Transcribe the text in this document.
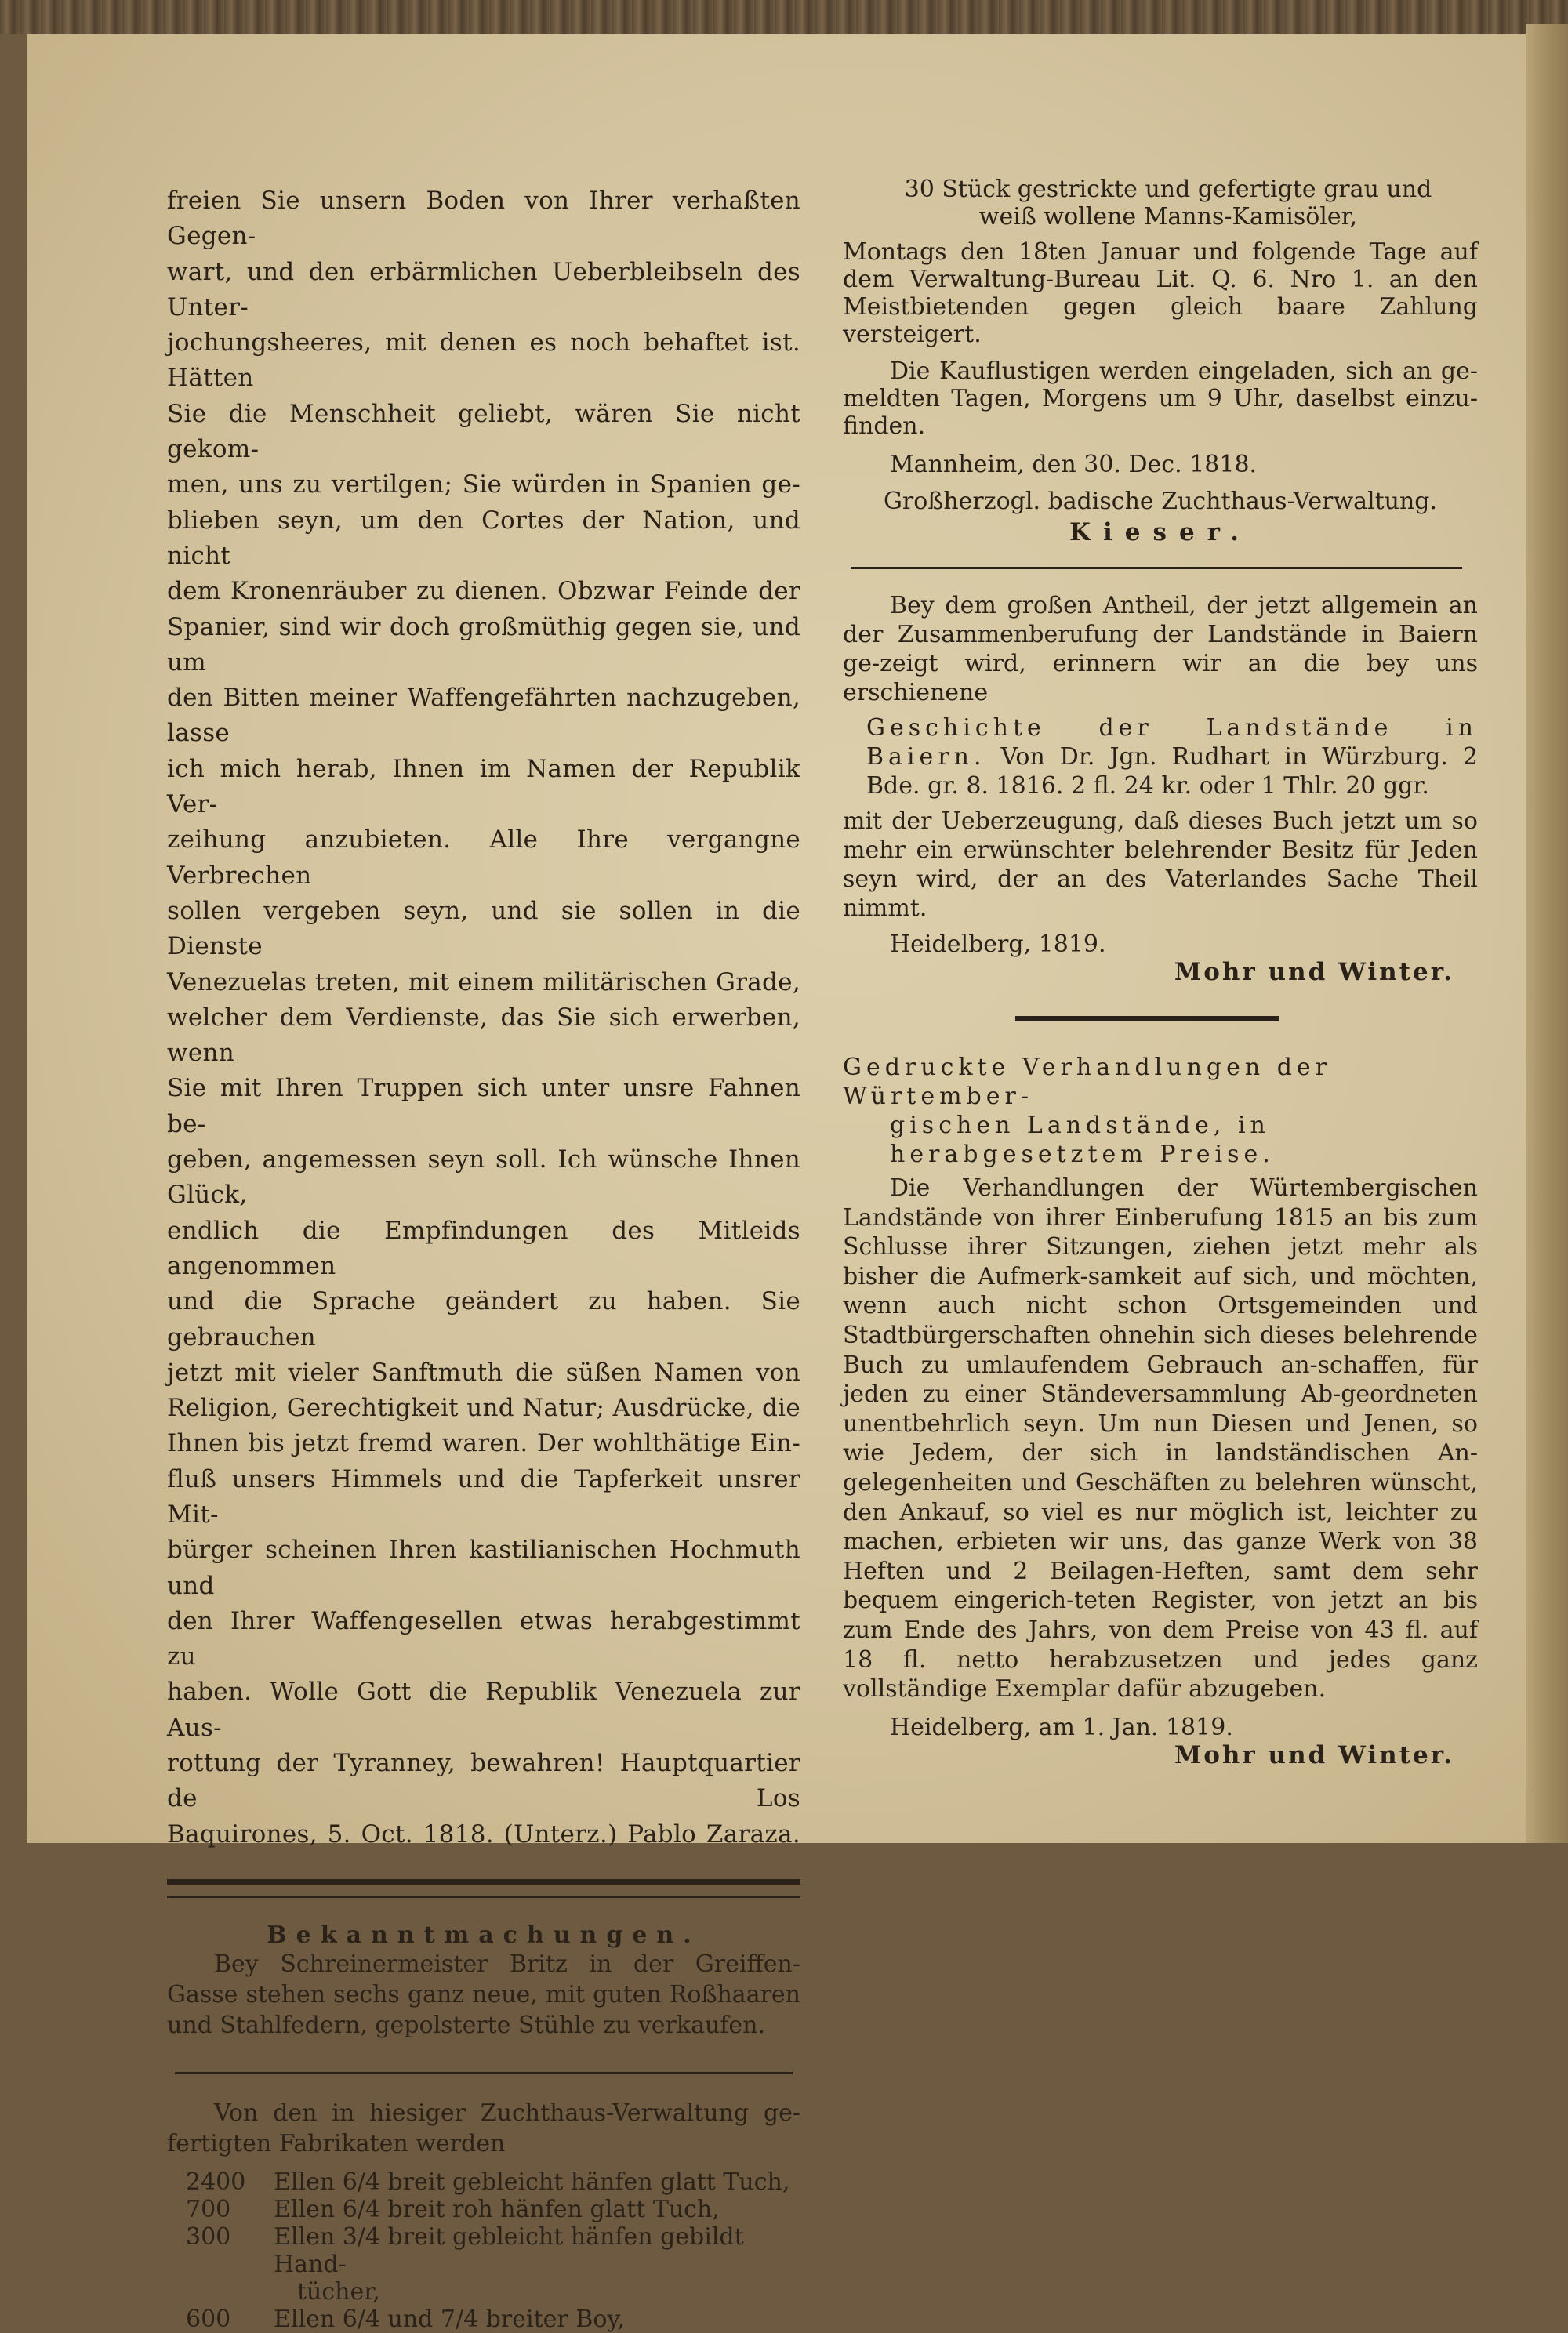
freien Sie unsern Boden von Ihrer verhaßten Gegen-

wart, und den erbärmlichen Ueberbleibseln des Unter-

jochungsheeres, mit denen es noch behaftet ist. Hätten

Sie die Menschheit geliebt, wären Sie nicht gekom-

men, uns zu vertilgen; Sie würden in Spanien ge-

blieben seyn, um den Cortes der Nation, und nicht

dem Kronenräuber zu dienen. Obzwar Feinde der

Spanier, sind wir doch großmüthig gegen sie, und um

den Bitten meiner Waffengefährten nachzugeben, lasse

ich mich herab, Ihnen im Namen der Republik Ver-

zeihung anzubieten. Alle Ihre vergangne Verbrechen

sollen vergeben seyn, und sie sollen in die Dienste

Venezuelas treten, mit einem militärischen Grade,

welcher dem Verdienste, das Sie sich erwerben, wenn

Sie mit Ihren Truppen sich unter unsre Fahnen be-

geben, angemessen seyn soll. Ich wünsche Ihnen Glück,

endlich die Empfindungen des Mitleids angenommen

und die Sprache geändert zu haben. Sie gebrauchen

jetzt mit vieler Sanftmuth die süßen Namen von

Religion, Gerechtigkeit und Natur; Ausdrücke, die

Ihnen bis jetzt fremd waren. Der wohlthätige Ein-

fluß unsers Himmels und die Tapferkeit unsrer Mit-

bürger scheinen Ihren kastilianischen Hochmuth und

den Ihrer Waffengesellen etwas herabgestimmt zu

haben. Wolle Gott die Republik Venezuela zur Aus-

rottung der Tyranney, bewahren! Hauptquartier de Los

Baquirones, 5. Oct. 1818. (Unterz.) Pablo Zaraza.

Bekanntmachungen.

Bey Schreinermeister Britz in der Greiffen-Gasse stehen sechs ganz neue, mit guten Roßhaaren und Stahlfedern, gepolsterte Stühle zu verkaufen.

Von den in hiesiger Zuchthaus-Verwaltung ge-fertigten Fabrikaten werden

2400	Ellen 6/4 breit gebleicht hänfen glatt Tuch,
700	Ellen 6/4 breit roh hänfen glatt Tuch,
300	Ellen 3/4 breit gebleicht hänfen gebildt Hand-
tücher,
600	Ellen 6/4 und 7/4 breiter Boy,

30 Stück gestrickte und gefertigte grau und weiß wollene Manns-Kamisöler,

Montags den 18ten Januar und folgende Tage auf dem Verwaltung-Bureau Lit. Q. 6. Nro 1. an den Meistbietenden gegen gleich baare Zahlung versteigert.

Die Kauflustigen werden eingeladen, sich an ge-meldten Tagen, Morgens um 9 Uhr, daselbst einzu-finden.

Mannheim, den 30. Dec. 1818.

Großherzogl. badische Zuchthaus-Verwaltung.

Kieser.

Bey dem großen Antheil, der jetzt allgemein an der Zusammenberufung der Landstände in Baiern ge-zeigt wird, erinnern wir an die bey uns erschienene

Geschichte der Landstände in Baiern. Von Dr. Jgn. Rudhart in Würzburg. 2 Bde. gr. 8. 1816. 2 fl. 24 kr. oder 1 Thlr. 20 ggr.

mit der Ueberzeugung, daß dieses Buch jetzt um so mehr ein erwünschter belehrender Besitz für Jeden seyn wird, der an des Vaterlandes Sache Theil nimmt.

Heidelberg, 1819.

Mohr und Winter.

Gedruckte Verhandlungen der Würtember-
gischen Landstände, in herabgesetztem Preise.

Die Verhandlungen der Würtembergischen Landstände von ihrer Einberufung 1815 an bis zum Schlusse ihrer Sitzungen, ziehen jetzt mehr als bisher die Aufmerk-samkeit auf sich, und möchten, wenn auch nicht schon Ortsgemeinden und Stadtbürgerschaften ohnehin sich dieses belehrende Buch zu umlaufendem Gebrauch an-schaffen, für jeden zu einer Ständeversammlung Ab-geordneten unentbehrlich seyn. Um nun Diesen und Jenen, so wie Jedem, der sich in landständischen An-gelegenheiten und Geschäften zu belehren wünscht, den Ankauf, so viel es nur möglich ist, leichter zu machen, erbieten wir uns, das ganze Werk von 38 Heften und 2 Beilagen-Heften, samt dem sehr bequem eingerich-teten Register, von jetzt an bis zum Ende des Jahrs, von dem Preise von 43 fl. auf 18 fl. netto herabzusetzen und jedes ganz vollständige Exemplar dafür abzugeben.

Heidelberg, am 1. Jan. 1819.

Mohr und Winter.
